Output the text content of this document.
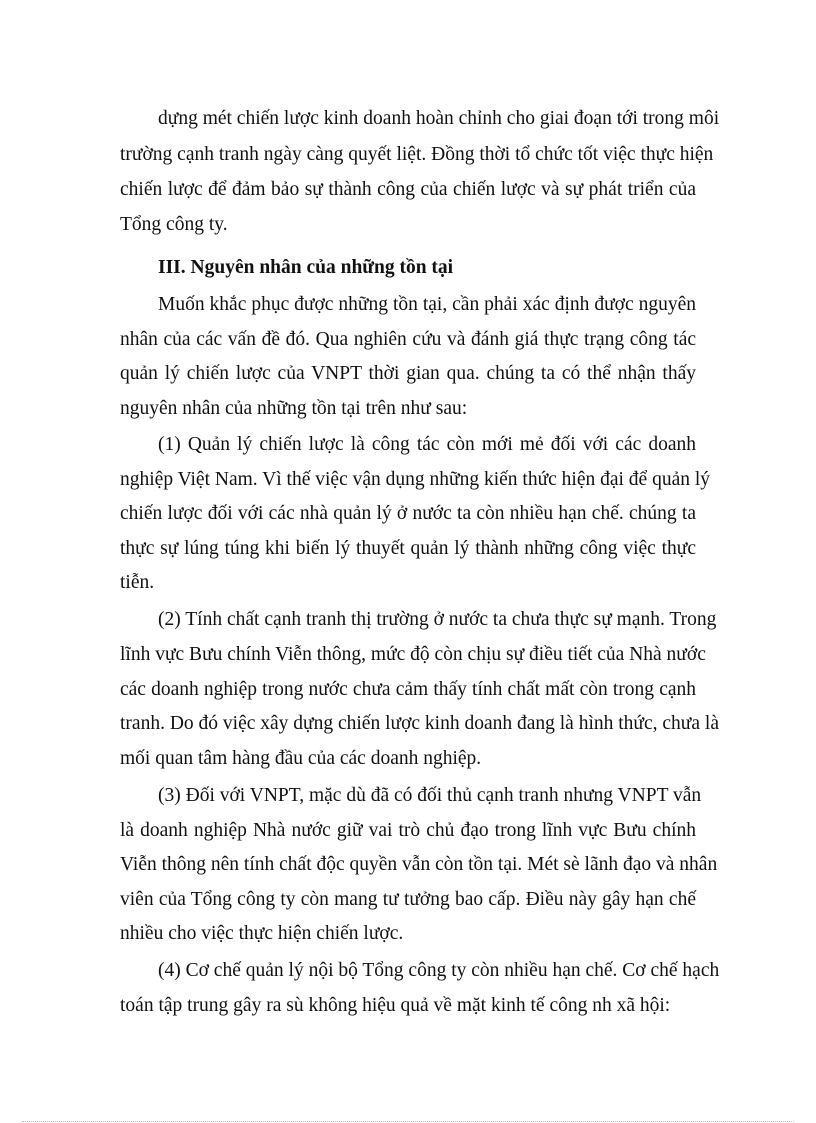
dựng mét chiến lược kinh doanh hoàn chỉnh cho giai đoạn tới trong môi
trường cạnh tranh ngày càng quyết liệt. Đồng thời tổ chức tốt việc thực hiện
chiến lược để đảm bảo sự thành công của chiến lược và sự phát triển của
Tổng công ty.
III. Nguyên nhân của những tồn tại
Muốn khắc phục được những tồn tại, cần phải xác định được nguyên
nhân của các vấn đề đó. Qua nghiên cứu và đánh giá thực trạng công tác
quản lý chiến lược của VNPT thời gian qua. chúng ta có thể nhận thấy
nguyên nhân của những tồn tại trên như sau:
(1) Quản lý chiến lược là công tác còn mới mẻ đối với các doanh
nghiệp Việt Nam. Vì thế việc vận dụng những kiến thức hiện đại để quản lý
chiến lược đối với các nhà quản lý ở nước ta còn nhiều hạn chế. chúng ta
thực sự lúng túng khi biến lý thuyết quản lý thành những công việc thực
tiễn.
(2) Tính chất cạnh tranh thị trường ở nước ta chưa thực sự mạnh. Trong
lĩnh vực Bưu chính Viễn thông, mức độ còn chịu sự điều tiết của Nhà nước
các doanh nghiệp trong nước chưa cảm thấy tính chất mất còn trong cạnh
tranh. Do đó việc xây dựng chiến lược kinh doanh đang là hình thức, chưa là
mối quan tâm hàng đầu của các doanh nghiệp.
(3) Đối với VNPT, mặc dù đã có đối thủ cạnh tranh nhưng VNPT vẫn
là doanh nghiệp Nhà nước giữ vai trò chủ đạo trong lĩnh vực Bưu chính
Viễn thông nên tính chất độc quyền vẫn còn tồn tại. Mét sè lãnh đạo và nhân
viên của Tổng công ty còn mang tư tưởng bao cấp. Điều này gây hạn chế
nhiều cho việc thực hiện chiến lược.
(4) Cơ chế quản lý nội bộ Tổng công ty còn nhiều hạn chế. Cơ chế hạch
toán tập trung gây ra sù không hiệu quả về mặt kinh tế công nh xã hội:
